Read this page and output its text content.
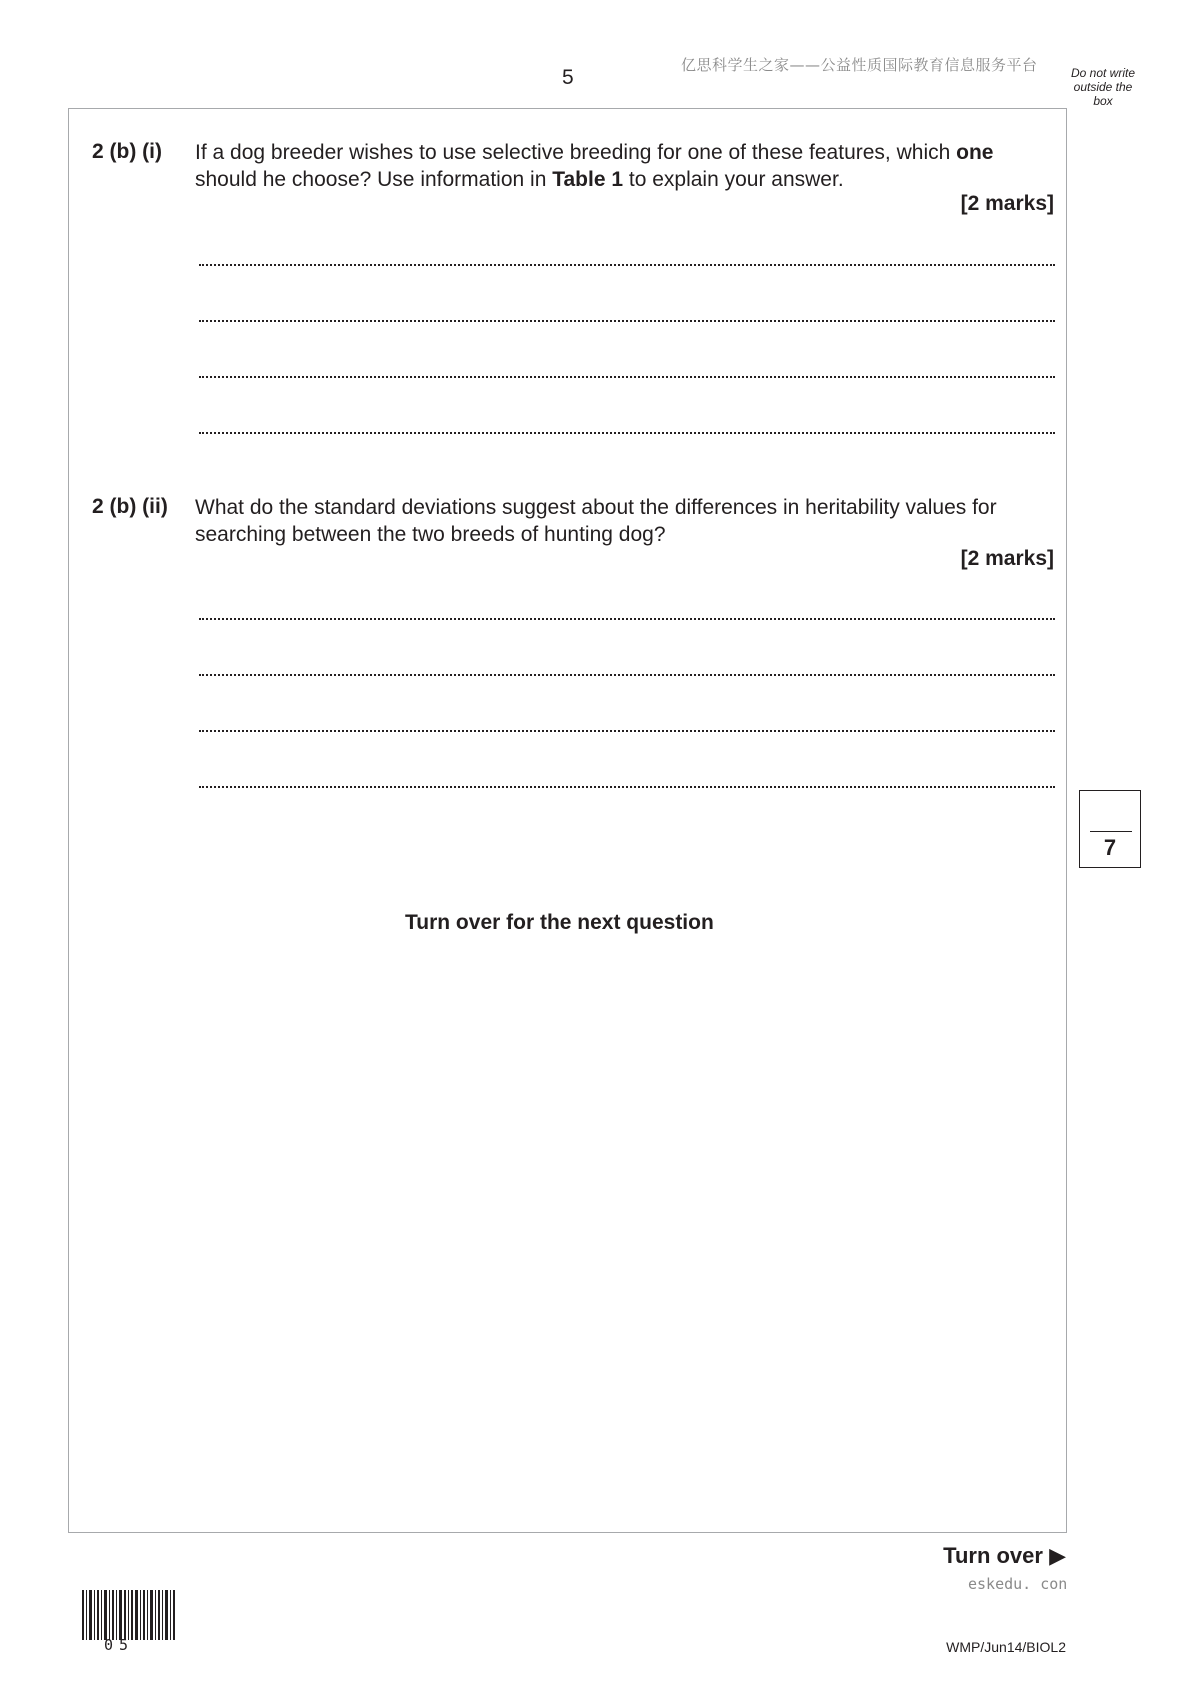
5
亿思科学生之家——公益性质国际教育信息服务平台	Do not write
outside the
box
2 (b) (i) If a dog breeder wishes to use selective breeding for one of these features, which one should he choose? Use information in Table 1 to explain your answer.
[2 marks]
2 (b) (ii) What do the standard deviations suggest about the differences in heritability values for searching between the two breeds of hunting dog?
[2 marks]
7
Turn over for the next question
Turn over ▶
eskedu. con
05	WMP/Jun14/BIOL2
